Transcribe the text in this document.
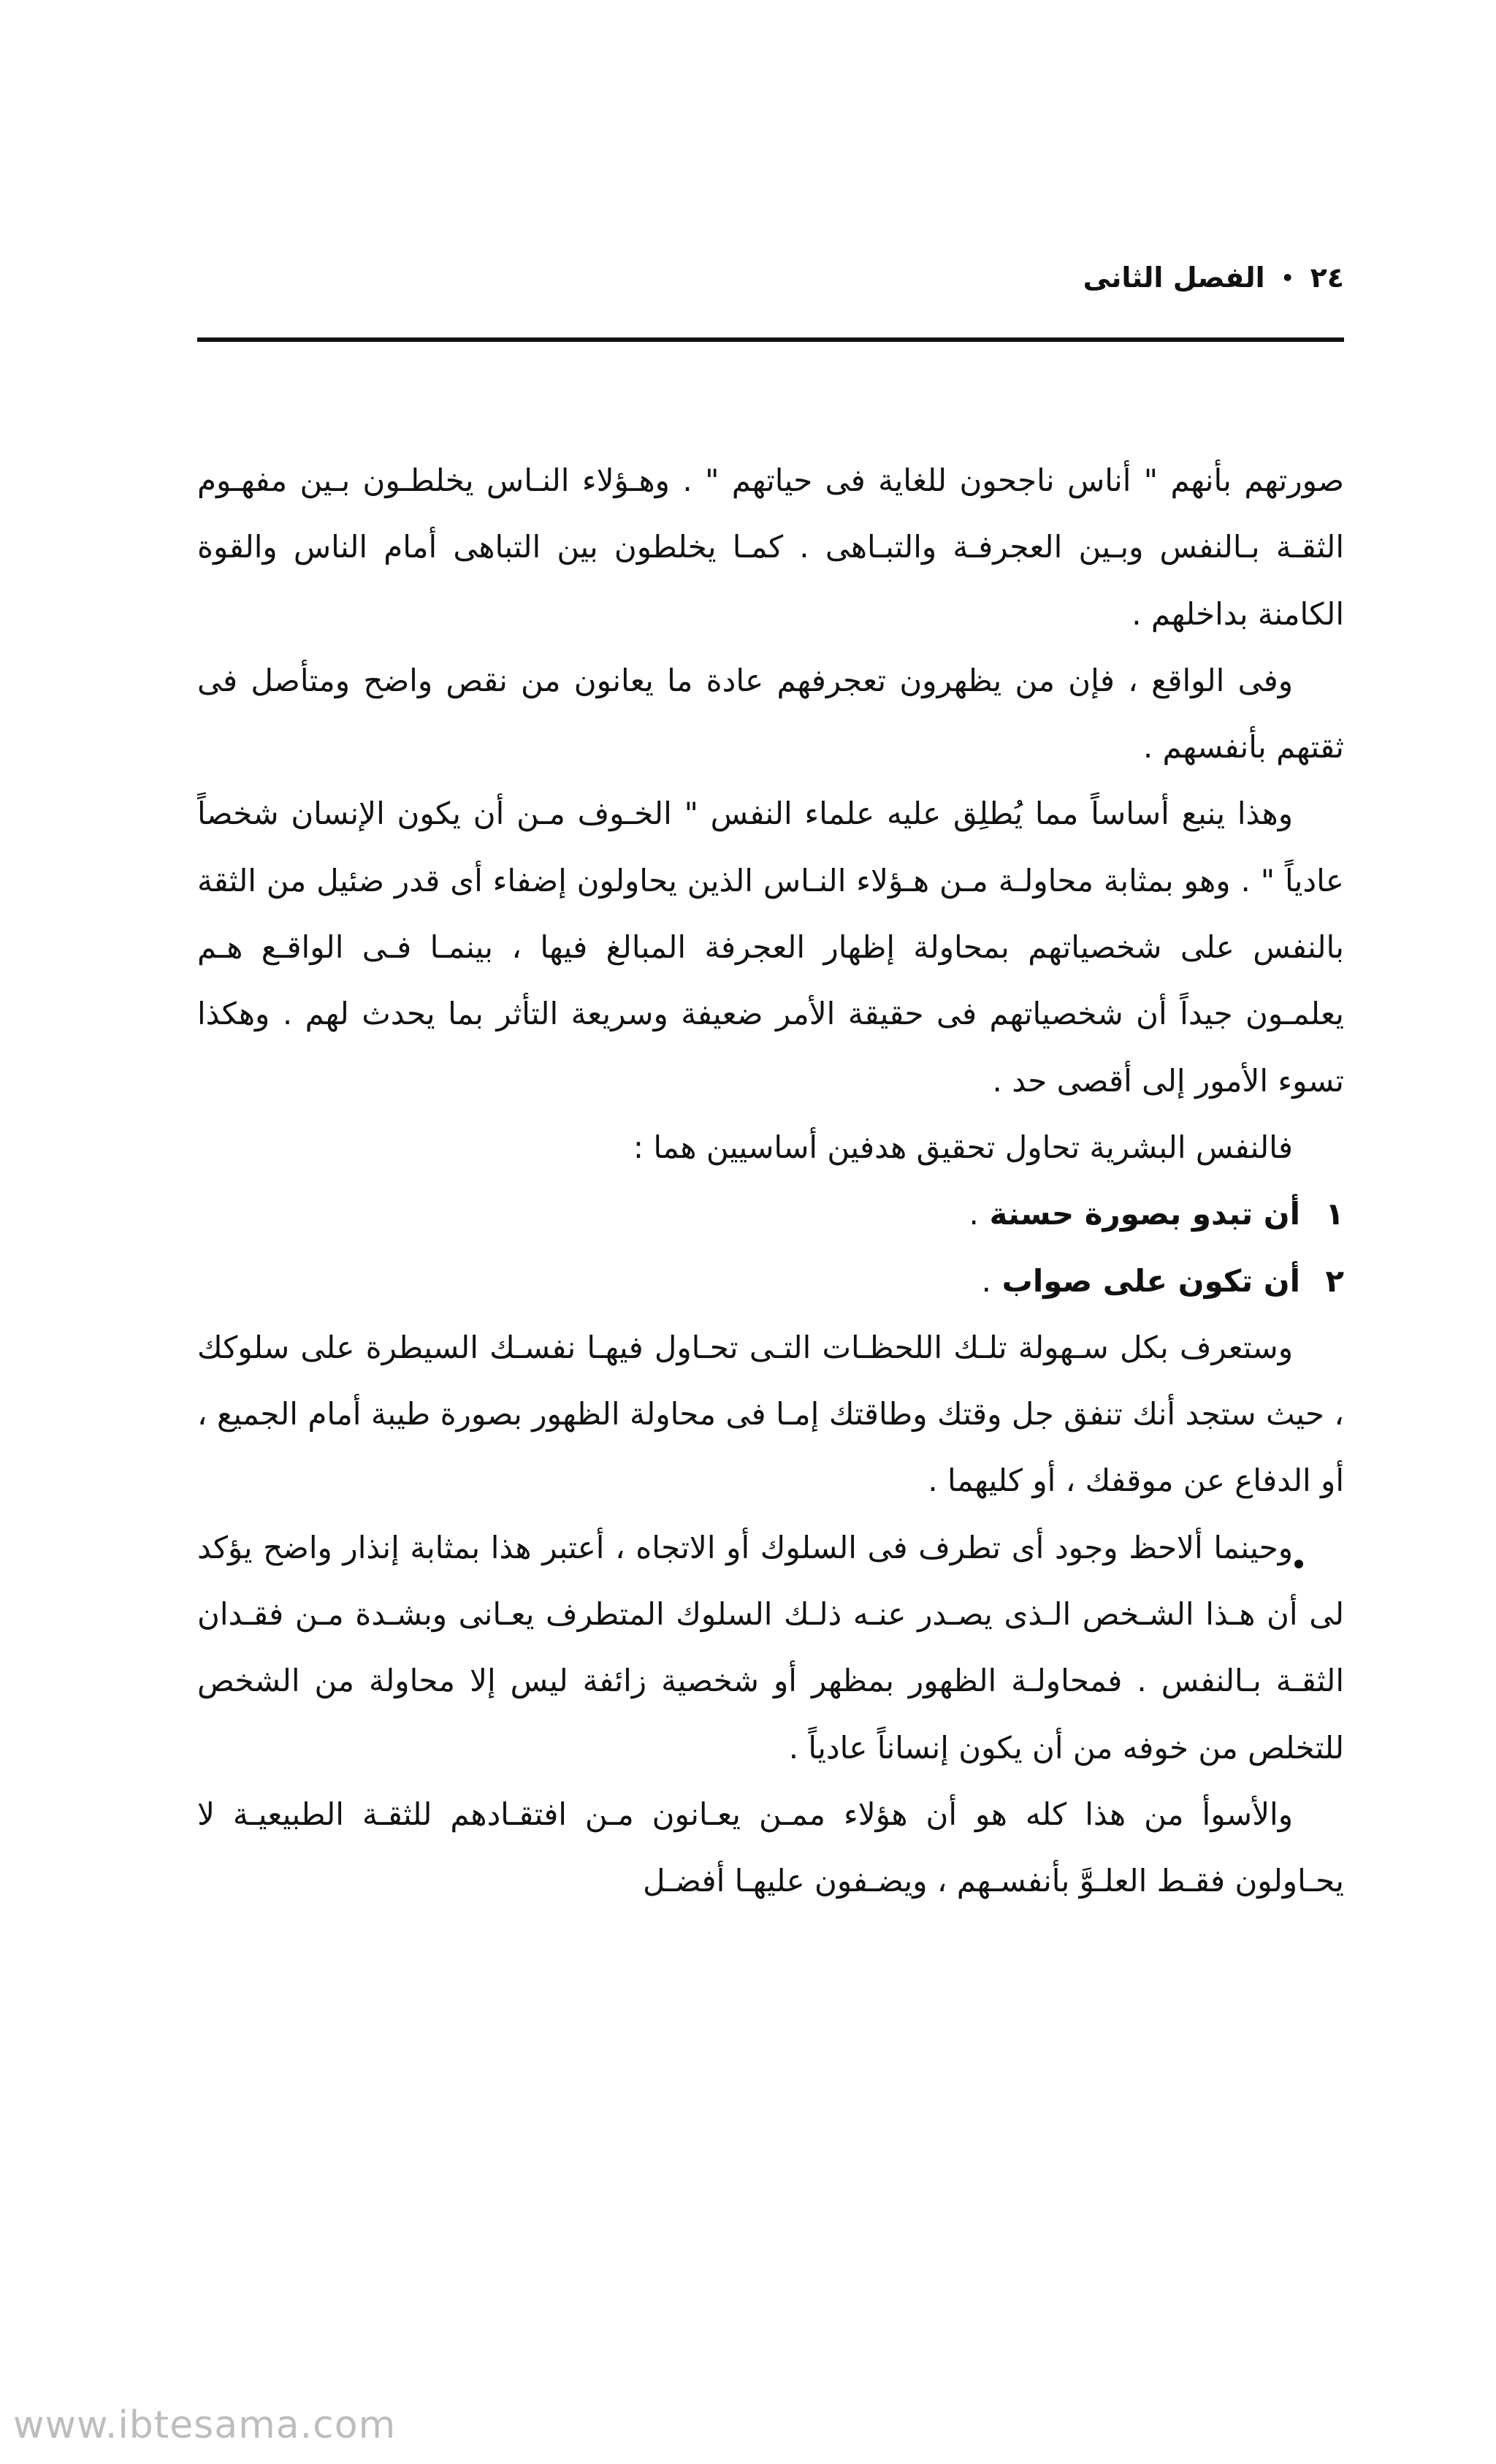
٢٤
•
الفصل الثانى

صورتهم بأنهم " أناس ناجحون للغاية فى حياتهم " . وهـؤلاء النـاس يخلطـون بـين مفهـوم الثقـة بـالنفس وبـين العجرفـة والتبـاهى . كمـا يخلطون بين التباهى أمام الناس والقوة الكامنة بداخلهم .

وفى الواقع ، فإن من يظهرون تعجرفهم عادة ما يعانون من نقص واضح ومتأصل فى ثقتهم بأنفسهم .

وهذا ينبع أساساً مما يُطلِق عليه علماء النفس " الخـوف مـن أن يكون الإنسان شخصاً عادياً " . وهو بمثابة محاولـة مـن هـؤلاء النـاس الذين يحاولون إضفاء أى قدر ضئيل من الثقة بالنفس على شخصياتهم بمحاولة إظهار العجرفة المبالغ فيها ، بينمـا فـى الواقـع هـم يعلمـون جيداً أن شخصياتهم فى حقيقة الأمر ضعيفة وسريعة التأثر بما يحدث لهم . وهكذا تسوء الأمور إلى أقصى حد .

فالنفس البشرية تحاول تحقيق هدفين أساسيين هما :

١
أن تبدو بصورة حسنة .
٢
أن تكون على صواب .

وستعرف بكل سـهولة تلـك اللحظـات التـى تحـاول فيهـا نفسـك السيطرة على سلوكك ، حيث ستجد أنك تنفق جل وقتك وطاقتك إمـا فى محاولة الظهور بصورة طيبة أمام الجميع ، أو الدفاع عن موقفك ، أو كليهما .

وحينما ألاحظ وجود أى تطرف فى السلوك أو الاتجاه ، أعتبر هذا بمثابة إنذار واضح يؤكد لى أن هـذا الشـخص الـذى يصـدر عنـه ذلـك السلوك المتطرف يعـانى وبشـدة مـن فقـدان الثقـة بـالنفس . فمحاولـة الظهور بمظهر أو شخصية زائفة ليس إلا محاولة من الشخص للتخلص من خوفه من أن يكون إنساناً عادياً .

والأسوأ من هذا كله هو أن هؤلاء ممـن يعـانون مـن افتقـادهم للثقـة الطبيعيـة لا يحـاولون فقـط العلـوَّ بأنفسـهم ، ويضـفون عليهـا أفضـل

www.ibtesama.com
